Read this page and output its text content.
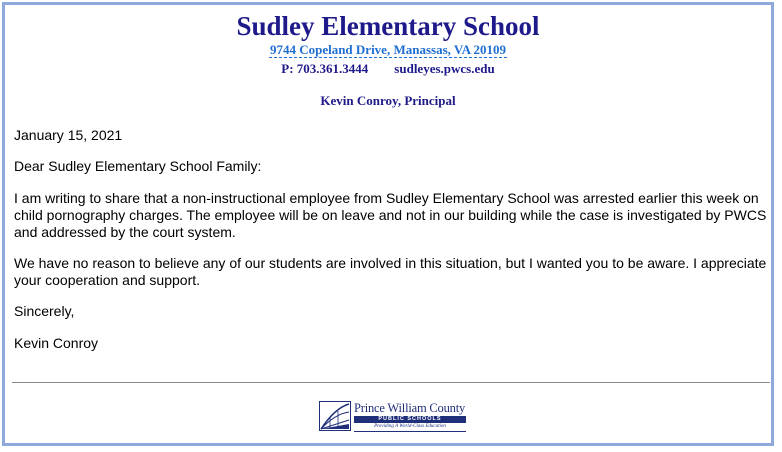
Sudley Elementary School
9744 Copeland Drive, Manassas, VA 20109
P: 703.361.3444 sudleyes.pwcs.edu
Kevin Conroy, Principal

January 15, 2021

Dear Sudley Elementary School Family:

I am writing to share that a non-instructional employee from Sudley Elementary School was arrested earlier this week on child pornography charges. The employee will be on leave and not in our building while the case is investigated by PWCS and addressed by the court system.

We have no reason to believe any of our students are involved in this situation, but I wanted you to be aware. I appreciate your cooperation and support.

Sincerely,

Kevin Conroy

Prince William County
PUBLIC SCHOOLS
Providing A World-Class Education
